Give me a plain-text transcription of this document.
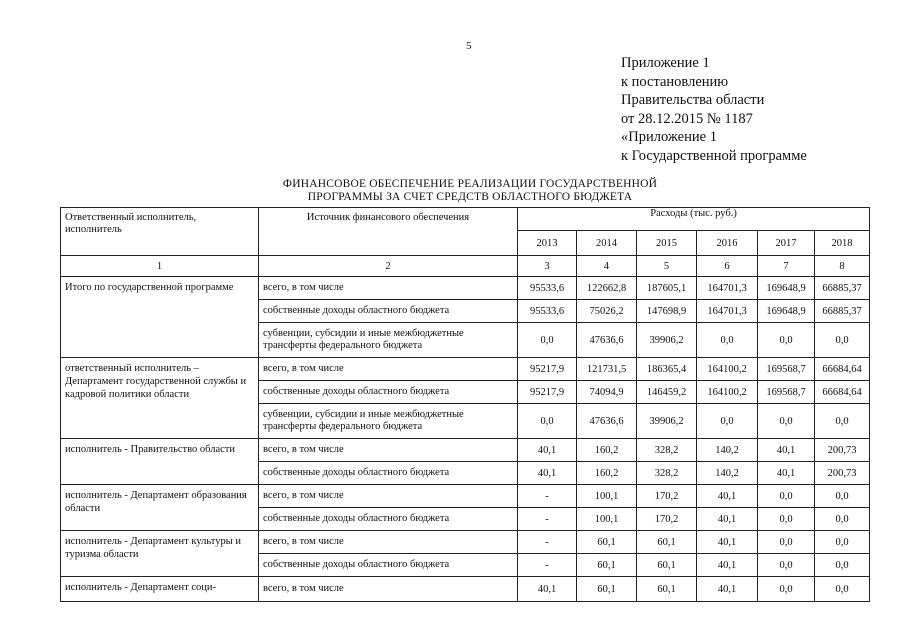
5
Приложение 1
к постановлению
Правительства области
от 28.12.2015 № 1187
«Приложение 1
к Государственной программе
ФИНАНСОВОЕ ОБЕСПЕЧЕНИЕ РЕАЛИЗАЦИИ ГОСУДАРСТВЕННОЙ
ПРОГРАММЫ ЗА СЧЕТ СРЕДСТВ ОБЛАСТНОГО БЮДЖЕТА
Ответственный исполнитель, исполнитель	Источник финансового обеспечения	Расходы (тыс. руб.)					
		2013	2014	2015	2016	2017	2018
1	2	3	4	5	6	7	8
Итого по государственной программе	всего, в том числе	95533,6	122662,8	187605,1	164701,3	169648,9	66885,37
	собственные доходы областного бюджета	95533,6	75026,2	147698,9	164701,3	169648,9	66885,37
	субвенции, субсидии и иные межбюджетные трансферты федерального бюджета	0,0	47636,6	39906,2	0,0	0,0	0,0
ответственный исполнитель – Департамент государственной службы и кадровой политики области	всего, в том числе	95217,9	121731,5	186365,4	164100,2	169568,7	66684,64
	собственные доходы областного бюджета	95217,9	74094,9	146459,2	164100,2	169568,7	66684,64
	субвенции, субсидии и иные межбюджетные трансферты федерального бюджета	0,0	47636,6	39906,2	0,0	0,0	0,0
исполнитель - Правительство области	всего, в том числе	40,1	160,2	328,2	140,2	40,1	200,73
	собственные доходы областного бюджета	40,1	160,2	328,2	140,2	40,1	200,73
исполнитель - Департамент образования области	всего, в том числе	-	100,1	170,2	40,1	0,0	0,0
	собственные доходы областного бюджета	-	100,1	170,2	40,1	0,0	0,0
исполнитель - Департамент культуры и туризма области	всего, в том числе	-	60,1	60,1	40,1	0,0	0,0
	собственные доходы областного бюджета	-	60,1	60,1	40,1	0,0	0,0
исполнитель - Департамент соци-	всего, в том числе	40,1	60,1	60,1	40,1	0,0	0,0
